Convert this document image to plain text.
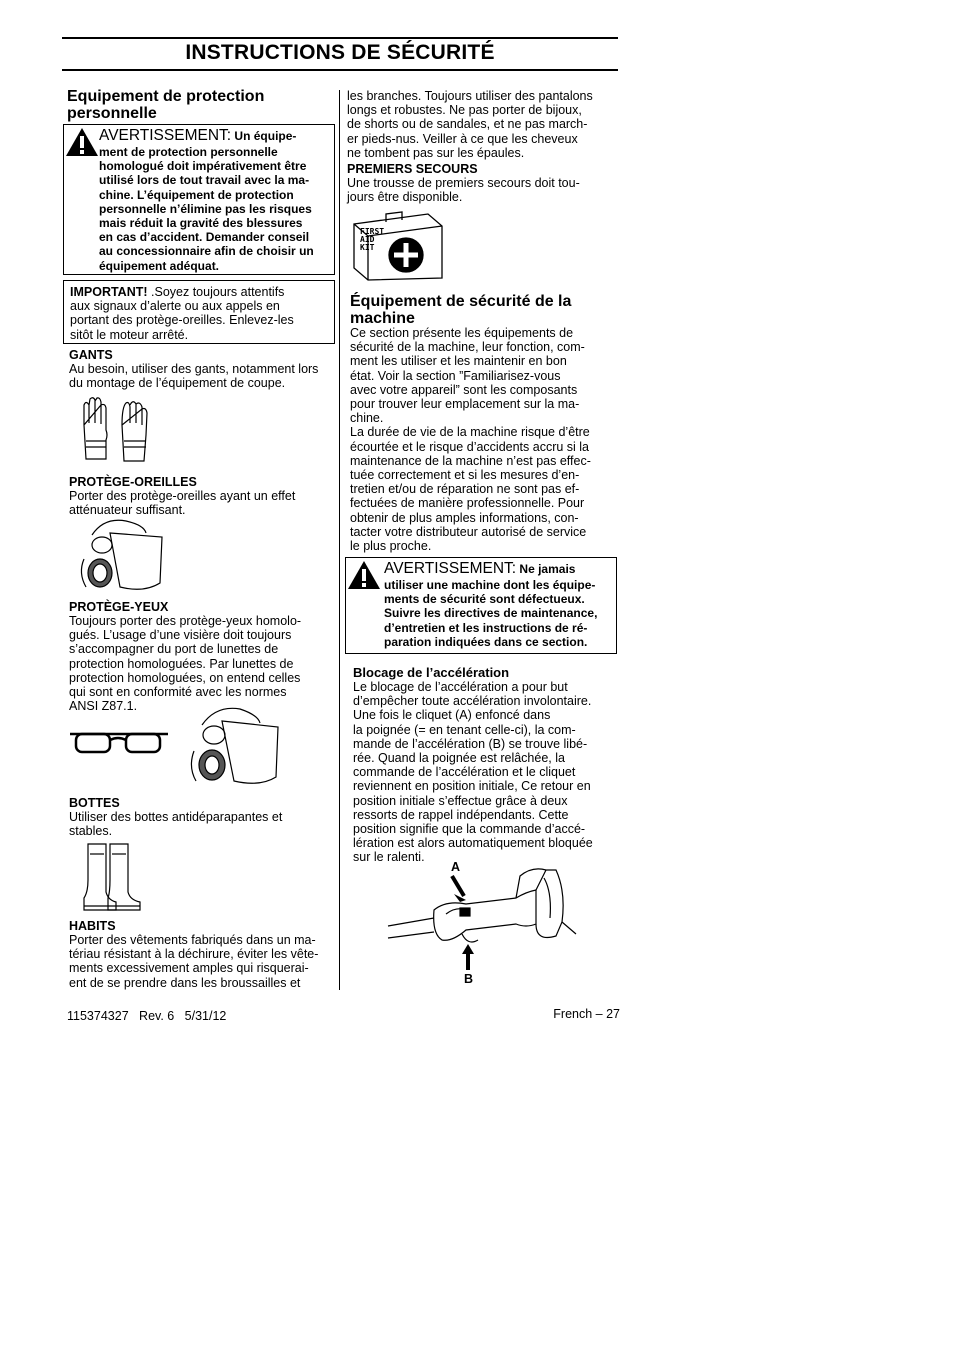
INSTRUCTIONS DE SÉCURITÉ
Equipement de protection
personnelle
AVERTISSEMENT: Un équipe-
ment de protection personnelle
homologué doit impérativement être
utilisé lors de tout travail avec la ma-
chine. L’équipement de protection
personnelle n’élimine pas les risques
mais réduit la gravité des blessures
en cas d’accident. Demander conseil
au concessionnaire afin de choisir un
équipement adéquat.
IMPORTANT! .Soyez toujours attentifs
aux signaux d’alerte ou aux appels en
portant des protège-oreilles. Enlevez-les
sitôt le moteur arrêté.
GANTS
Au besoin, utiliser des gants, notamment lors
du montage de l’équipement de coupe.
PROTÈGE-OREILLES
Porter des protège-oreilles ayant un effet
atténuateur suffisant.
PROTÈGE-YEUX
Toujours porter des protège-yeux homolo-
gués. L’usage d’une visière doit toujours
s’accompagner du port de lunettes de
protection homologuées. Par lunettes de
protection homologuées, on entend celles
qui sont en conformité avec les normes
ANSI Z87.1.
BOTTES
Utiliser des bottes antidéparapantes et
stables.
HABITS
Porter des vêtements fabriqués dans un ma-
tériau résistant à la déchirure, éviter les vête-
ments excessivement amples qui risquerai-
ent de se prendre dans les broussailles et
les branches. Toujours utiliser des pantalons
longs et robustes. Ne pas porter de bijoux,
de shorts ou de sandales, et ne pas march-
er pieds-nus. Veiller à ce que les cheveux
ne tombent pas sur les épaules.
PREMIERS SECOURS
Une trousse de premiers secours doit tou-
jours être disponible.
FIRST
AID
KIT
Équipement de sécurité de la
machine
Ce section présente les équipements de
sécurité de la machine, leur fonction, com-
ment les utiliser et les maintenir en bon
état. Voir la section ”Familiarisez-vous
avec votre appareil” sont les composants
pour trouver leur emplacement sur la ma-
chine.
La durée de vie de la machine risque d’être
écourtée et le risque d’accidents accru si la
maintenance de la machine n’est pas effec-
tuée correctement et si les mesures d’en-
tretien et/ou de réparation ne sont pas ef-
fectuées de manière professionnelle. Pour
obtenir de plus amples informations, con-
tacter votre distributeur autorisé de service
le plus proche.
AVERTISSEMENT: Ne jamais
utiliser une machine dont les équipe-
ments de sécurité sont défectueux.
Suivre les directives de maintenance,
d’entretien et les instructions de ré-
paration indiquées dans ce section.
Blocage de l’accélération
Le blocage de l’accélération a pour but
d’empêcher toute accélération involontaire.
Une fois le cliquet (A) enfoncé dans
la poignée (= en tenant celle-ci), la com-
mande de l’accélération (B) se trouve libé-
rée. Quand la poignée est relâchée, la
commande de l’accélération et le cliquet
reviennent en position initiale, Ce retour en
position initiale s’effectue grâce à deux
ressorts de rappel indépendants. Cette
position signifie que la commande d’accé-
lération est alors automatiquement bloquée
sur le ralenti.
A
B
115374327   Rev. 6   5/31/12	French – 27
